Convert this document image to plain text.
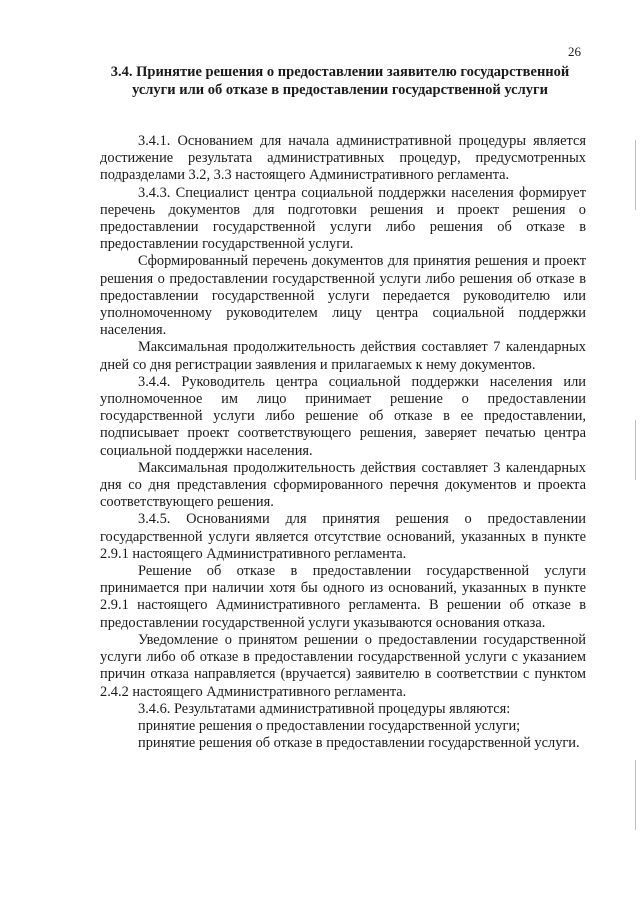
26
3.4. Принятие решения о предоставлении заявителю государственной услуги или об отказе в предоставлении государственной услуги

3.4.1. Основанием для начала административной процедуры является достижение результата административных процедур, предусмотренных подразделами 3.2, 3.3 настоящего Административного регламента.

3.4.3. Специалист центра социальной поддержки населения формирует перечень документов для подготовки решения и проект решения о предоставлении государственной услуги либо решения об отказе в предоставлении государственной услуги.

Сформированный перечень документов для принятия решения и проект решения о предоставлении государственной услуги либо решения об отказе в предоставлении государственной услуги передается руководителю или уполномоченному руководителем лицу центра социальной поддержки населения.

Максимальная продолжительность действия составляет 7 календарных дней со дня регистрации заявления и прилагаемых к нему документов.

3.4.4. Руководитель центра социальной поддержки населения или уполномоченное им лицо принимает решение о предоставлении государственной услуги либо решение об отказе в ее предоставлении, подписывает проект соответствующего решения, заверяет печатью центра социальной поддержки населения.

Максимальная продолжительность действия составляет 3 календарных дня со дня представления сформированного перечня документов и проекта соответствующего решения.

3.4.5. Основаниями для принятия решения о предоставлении государственной услуги является отсутствие оснований, указанных в пункте 2.9.1 настоящего Административного регламента.

Решение об отказе в предоставлении государственной услуги принимается при наличии хотя бы одного из оснований, указанных в пункте 2.9.1 настоящего Административного регламента. В решении об отказе в предоставлении государственной услуги указываются основания отказа.

Уведомление о принятом решении о предоставлении государственной услуги либо об отказе в предоставлении государственной услуги с указанием причин отказа направляется (вручается) заявителю в соответствии с пунктом 2.4.2 настоящего Административного регламента.

3.4.6. Результатами административной процедуры являются:

принятие решения о предоставлении государственной услуги;

принятие решения об отказе в предоставлении государственной услуги.
